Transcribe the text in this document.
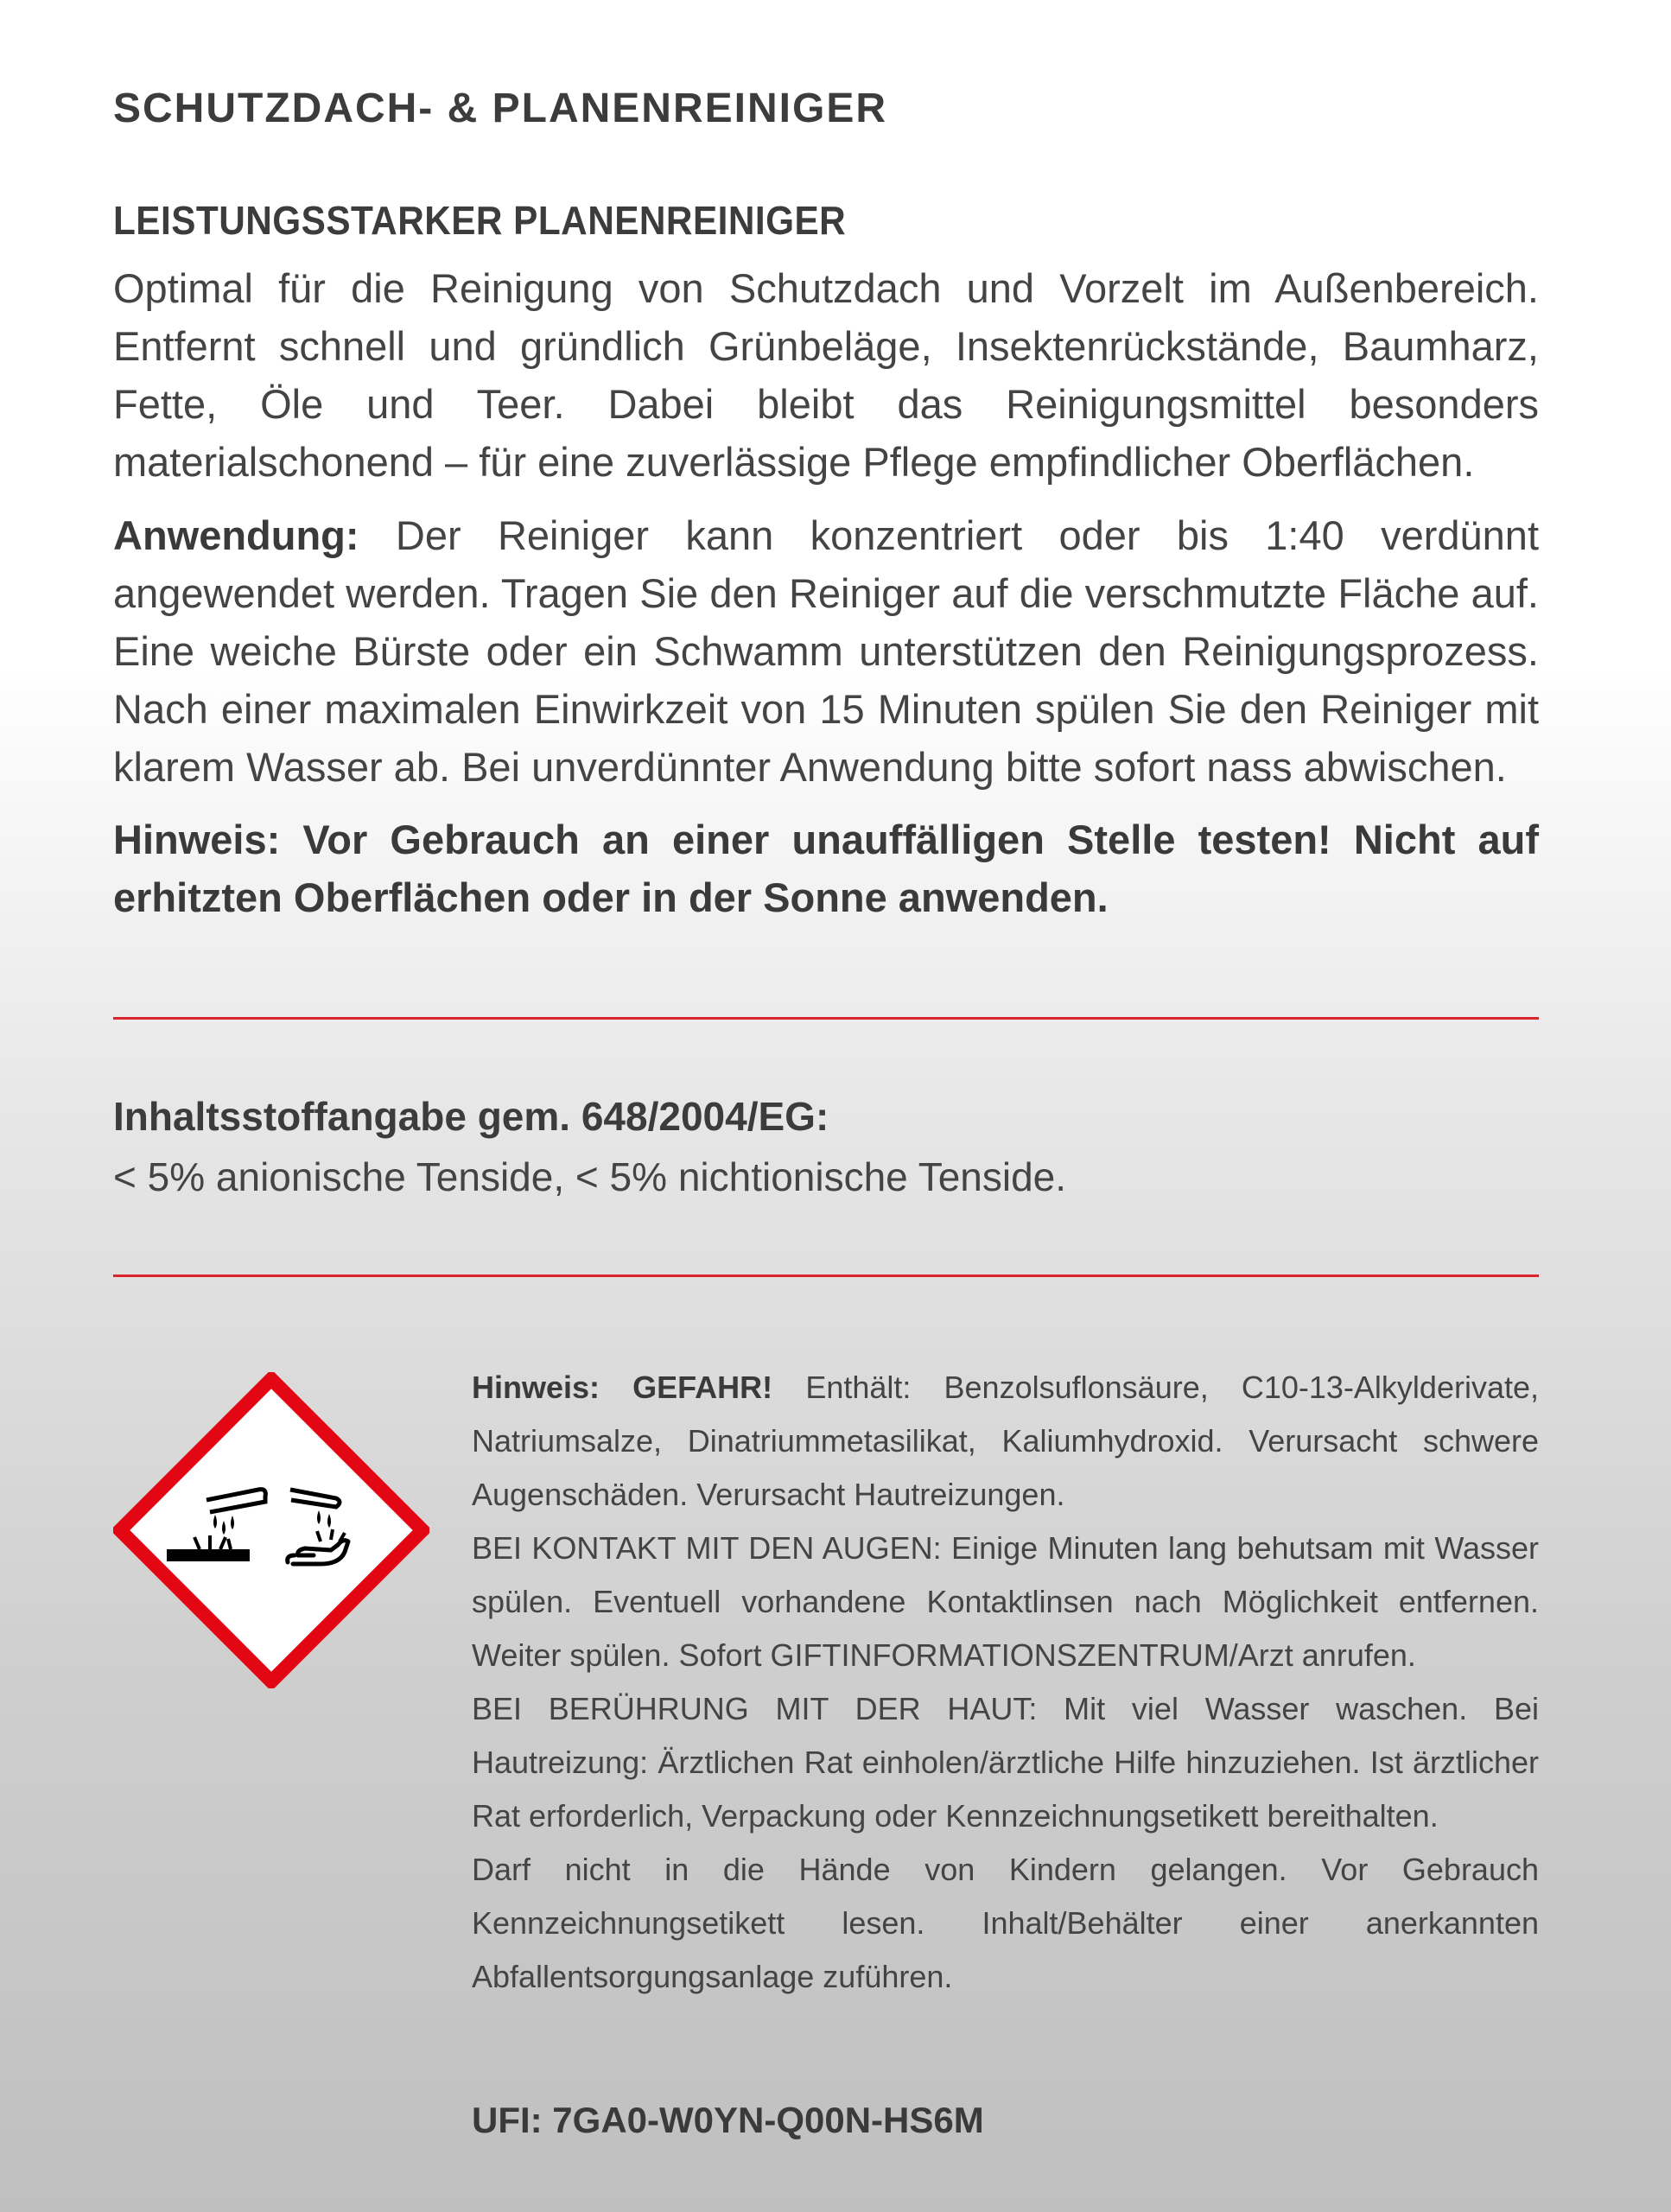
SCHUTZDACH- & PLANENREINIGER
LEISTUNGSSTARKER PLANENREINIGER
Optimal für die Reinigung von Schutzdach und Vorzelt im Außenbereich. Entfernt schnell und gründlich Grünbeläge, Insektenrückstände, Baumharz, Fette, Öle und Teer. Dabei bleibt das Reinigungsmittel besonders materialschonend – für eine zuverlässige Pflege empfindlicher Oberflächen.
Anwendung: Der Reiniger kann konzentriert oder bis 1:40 verdünnt angewendet werden. Tragen Sie den Reiniger auf die verschmutzte Fläche auf. Eine weiche Bürste oder ein Schwamm unterstützen den Reinigungsprozess. Nach einer maximalen Einwirkzeit von 15 Minuten spülen Sie den Reiniger mit klarem Wasser ab. Bei unverdünnter Anwendung bitte sofort nass abwischen.
Hinweis: Vor Gebrauch an einer unauffälligen Stelle testen! Nicht auf erhitzten Oberflächen oder in der Sonne anwenden.
Inhaltsstoffangabe gem. 648/2004/EG:
< 5% anionische Tenside, < 5% nichtionische Tenside.

Hinweis: GEFAHR! Enthält: Benzolsuflonsäure, C10-13-Alkylderivate, Natriumsalze, Dinatriummetasilikat, Kaliumhydroxid. Verursacht schwere Augenschäden. Verursacht Hautreizungen.

BEI KONTAKT MIT DEN AUGEN: Einige Minuten lang behutsam mit Wasser spülen. Eventuell vorhandene Kontaktlinsen nach Möglichkeit entfernen. Weiter spülen. Sofort GIFTINFORMATIONSZENTRUM/Arzt anrufen.

BEI BERÜHRUNG MIT DER HAUT: Mit viel Wasser waschen. Bei Hautreizung: Ärztlichen Rat einholen/ärztliche Hilfe hinzuziehen. Ist ärztlicher Rat erforderlich, Verpackung oder Kennzeichnungsetikett bereithalten.

Darf nicht in die Hände von Kindern gelangen. Vor Gebrauch Kennzeichnungsetikett lesen. Inhalt/Behälter einer anerkannten Abfallentsorgungsanlage zuführen.

UFI: 7GA0-W0YN-Q00N-HS6M
